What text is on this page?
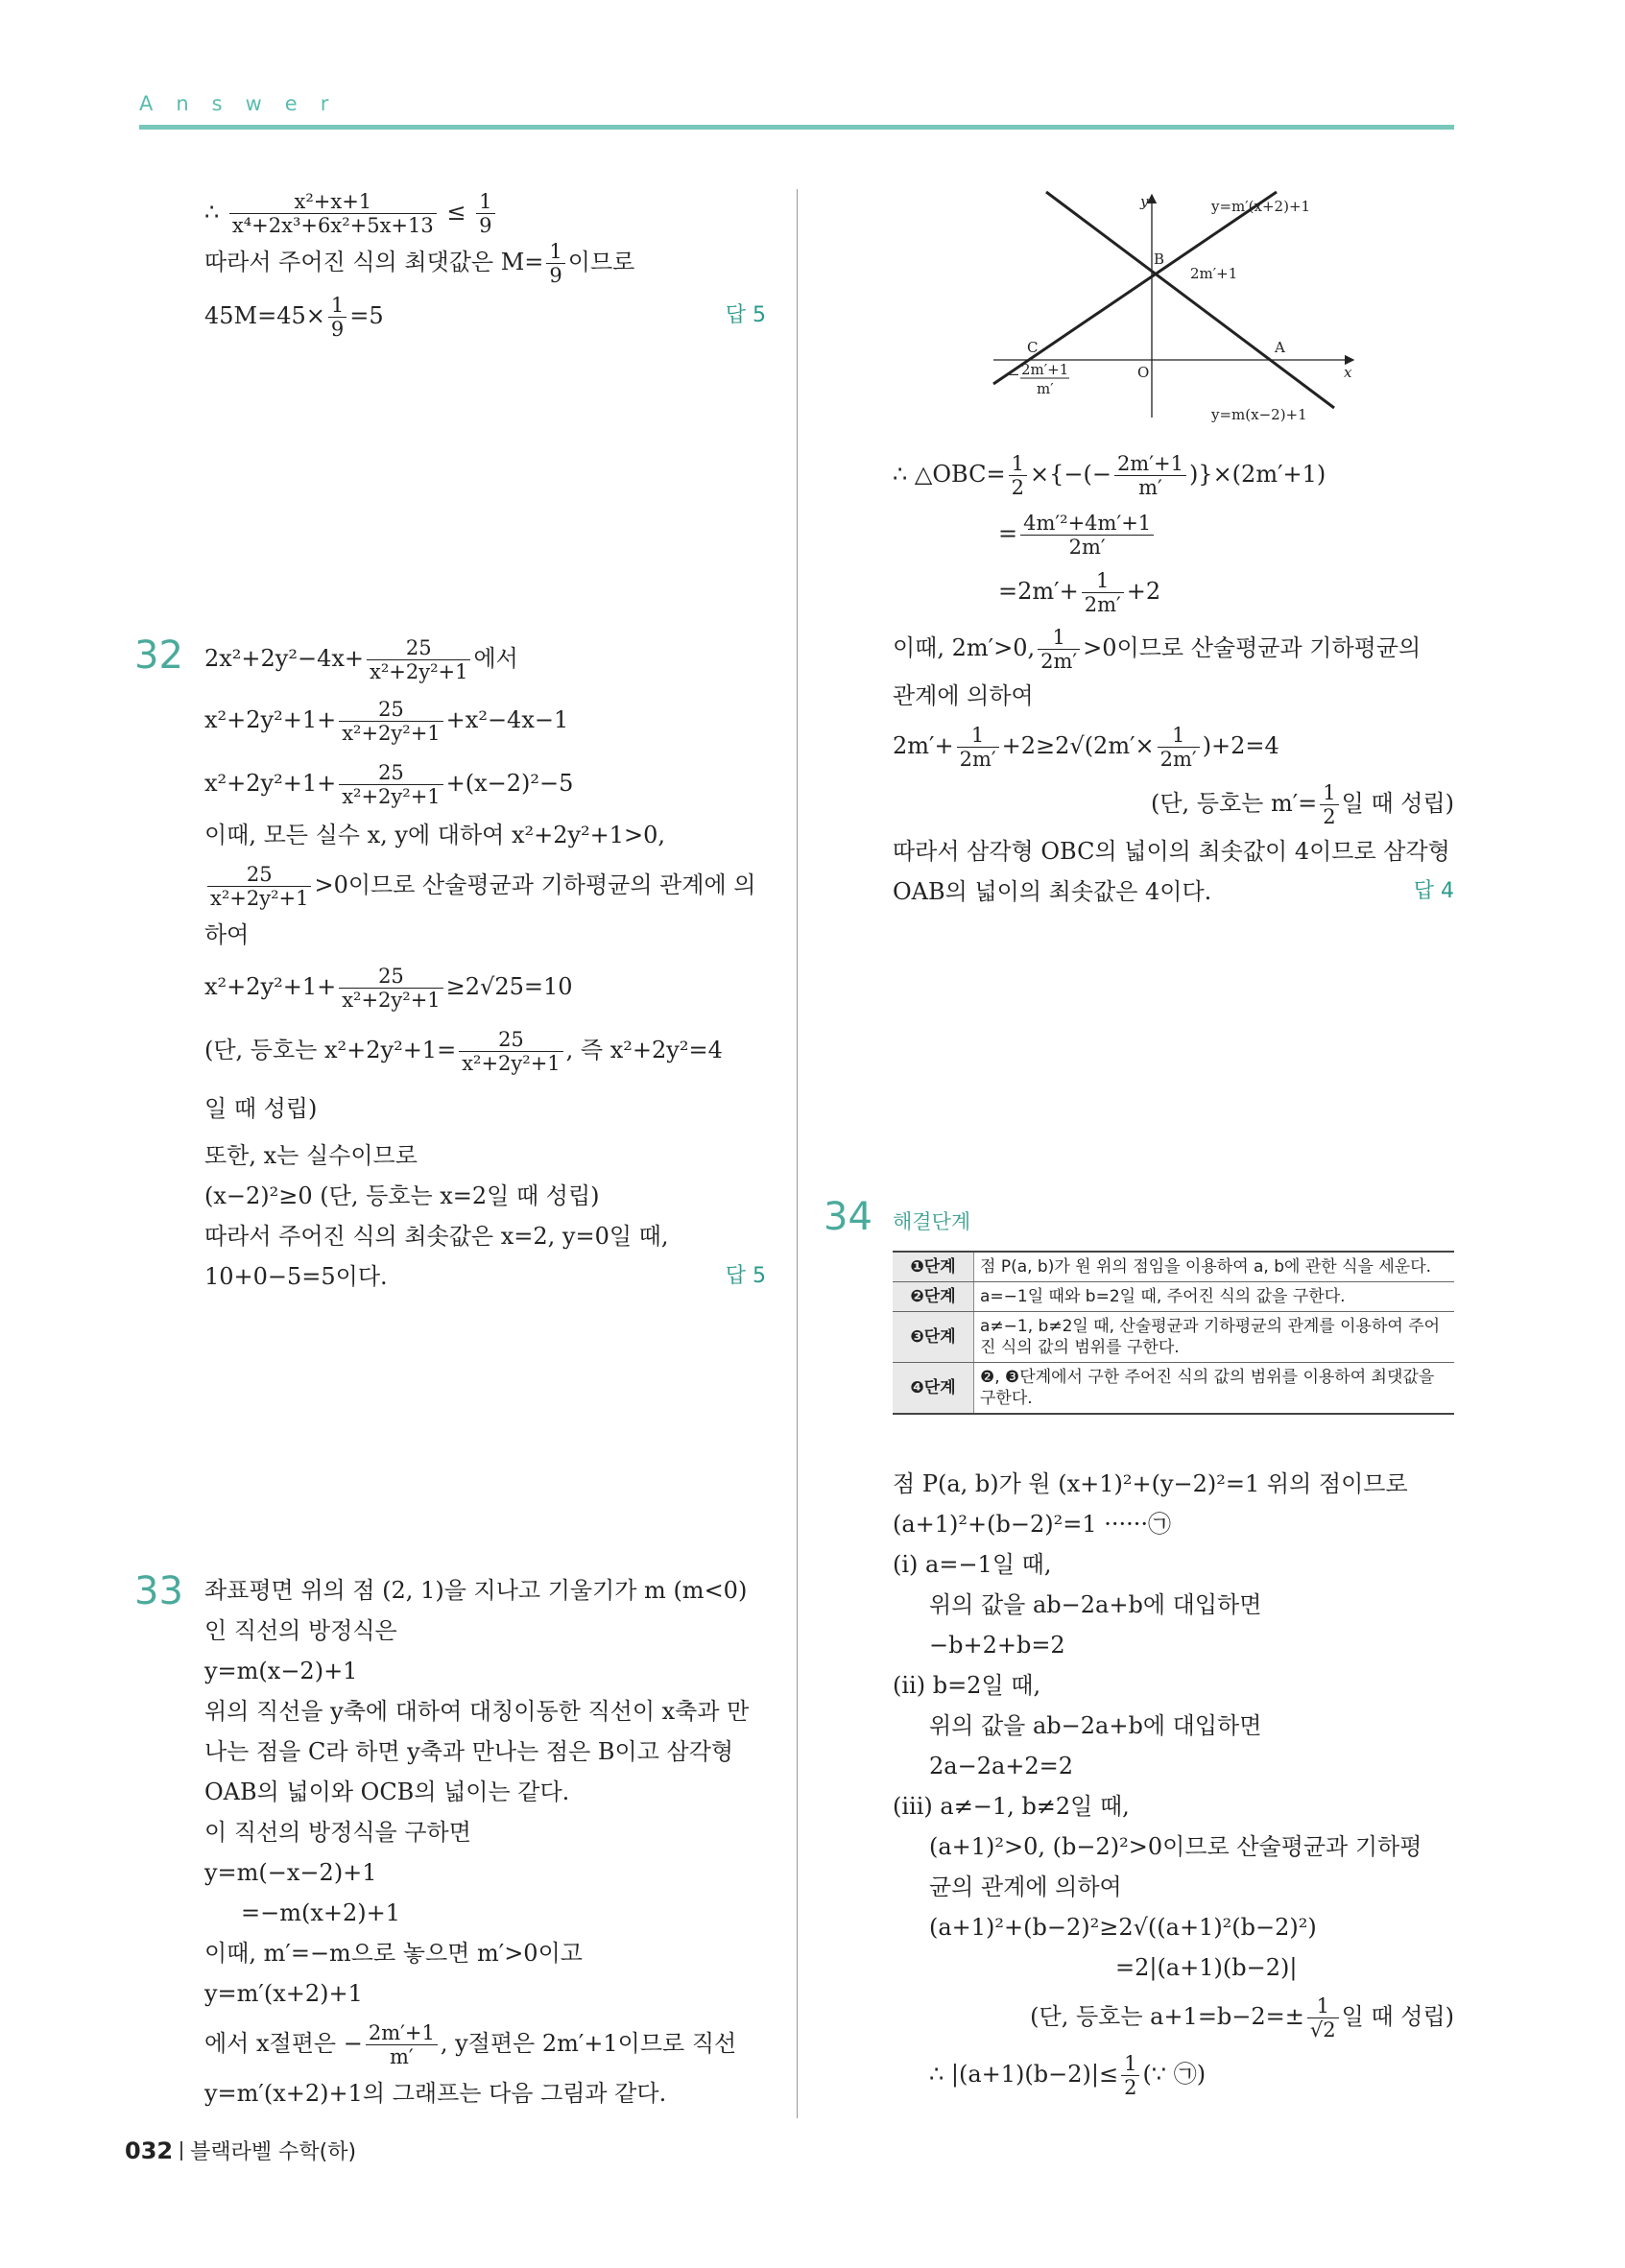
Answer
∴ $\frac{\text{x²+x+1}}{\text{x⁴+2x³+6x²+5x+13}} \le \frac{1}{9}$
따라서 주어진 식의 최댓값은 $M= \frac{1}{9}$ 이므로
$45M=45\times \frac{1}{9} =5$	답 5
32 $2x^2+2y^2-4x+ \frac{25}{\text{x²+2y²+1}}$ 에서
$x^2+2y^2+1+ \frac{25}{\text{x²+2y²+1}} +x^2-4x-1$
$x^2+2y^2+1+ \frac{25}{\text{x²+2y²+1}} +(x-2)^2-5$
이때, 모든 실수 x, y에 대하여 x²+2y²+1>0,
$\frac{25}{\text{x²+2y²+1}} >0$이므로 산술평균과 기하평균의 관계에 의
하여
$x^2+2y^2+1+ \frac{25}{\text{x²+2y²+1}} \ge 2√25=10$
(단, 등호는 $x^2+2y^2+1= \frac{25}{\text{x²+2y²+1}}$ , 즉 x²+2y²=4
일 때 성립)
또한, x는 실수이므로
(x−2)²≥0 (단, 등호는 x=2일 때 성립)
따라서 주어진 식의 최솟값은 x=2, y=0일 때,
10+0−5=5이다.	답 5
33 좌표평면 위의 점 (2, 1)을 지나고 기울기가 m (m<0)
인 직선의 방정식은
y=m(x−2)+1
위의 직선을 y축에 대하여 대칭이동한 직선이 x축과 만
나는 점을 C라 하면 y축과 만나는 점은 B이고 삼각형
OAB의 넓이와 OCB의 넓이는 같다.
이 직선의 방정식을 구하면
y=m(−x−2)+1
=−m(x+2)+1
이때, m′=−m으로 놓으면 m′>0이고
y=m′(x+2)+1
에서 x절편은 − $\frac{2m'+1}{m'}$ , y절편은 2m′+1이므로 직선
y=m′(x+2)+1의 그래프는 다음 그림과 같다.
y
x
O
A
B
C
2m′+1
− 2m′+1
m′
y=m′(x+2)+1
y=m(x−2)+1
∴ △OBC= $\frac{1}{2}$ ×{−(− $\frac{2m'+1}{m'} )\}\times(2m'+1)$
= $\frac{\text{4m′²+4m′+1}}{2m'}$
$=2m'+ \frac{1}{2m'} +2$
이때, 2m′>0, $\frac{1}{2m'} >0$이므로 산술평균과 기하평균의
관계에 의하여
$2m'+ \frac{1}{2m'} +2\ge 2√(2m'\times \frac{1}{2m'} )+2=4$
(단, 등호는 $m'= \frac{1}{2}$ 일 때 성립)
따라서 삼각형 OBC의 넓이의 최솟값이 4이므로 삼각형
OAB의 넓이의 최솟값은 4이다.	답 4
34 해결단계
❶단계	점 P(a, b)가 원 위의 점임을 이용하여 a, b에 관한 식을 세운다.
❷단계	a=−1일 때와 b=2일 때, 주어진 식의 값을 구한다.
❸단계	a≠−1, b≠2일 때, 산술평균과 기하평균의 관계를 이용하여 주어진 식의 값의 범위를 구한다.
❹단계	❷, ❸단계에서 구한 주어진 식의 값의 범위를 이용하여 최댓값을 구한다.
점 P(a, b)가 원 (x+1)²+(y−2)²=1 위의 점이므로
(a+1)²+(b−2)²=1 ······㉠
(ⅰ) a=−1일 때,
위의 값을 ab−2a+b에 대입하면
−b+2+b=2
(ⅱ) b=2일 때,
위의 값을 ab−2a+b에 대입하면
2a−2a+2=2
(ⅲ) a≠−1, b≠2일 때,
(a+1)²>0, (b−2)²>0이므로 산술평균과 기하평
균의 관계에 의하여
(a+1)²+(b−2)²≥2√((a+1)²(b−2)²)
=2|(a+1)(b−2)|
(단, 등호는 $a+1=b-2=\pm \frac{1}{√2}$ 일 때 성립)
∴ $|(a+1)(b-2)|\le \frac{1}{2}$ (∵ ㉠)
032 블랙라벨 수학(하)
